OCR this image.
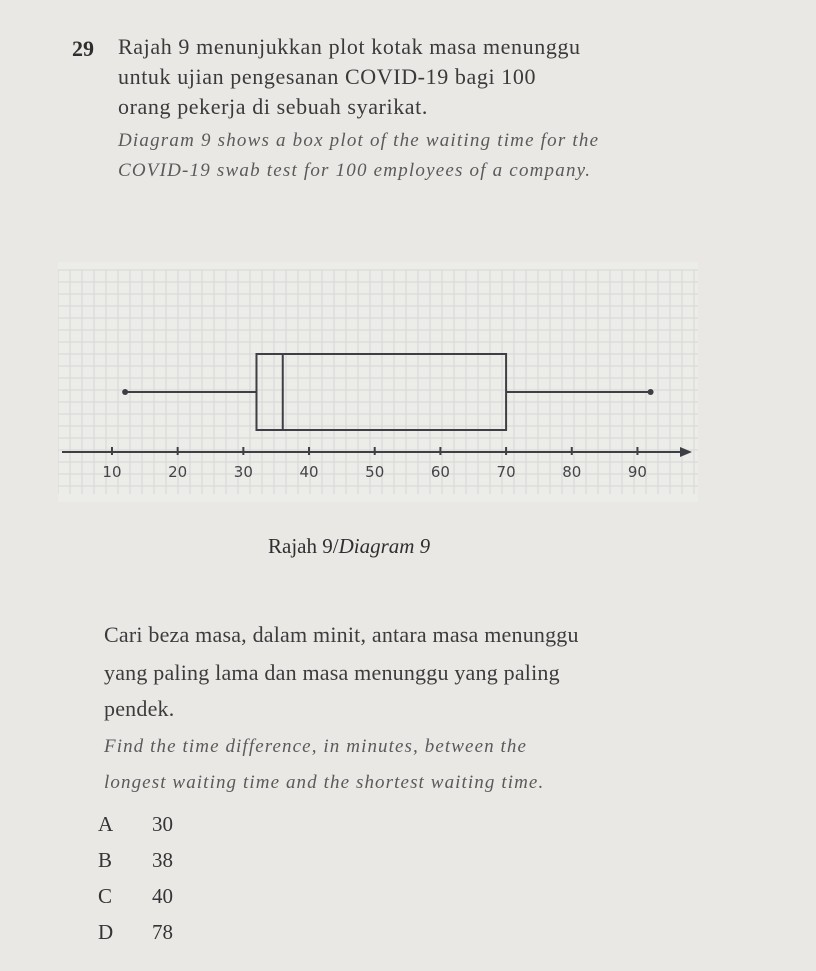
29 Rajah 9 menunjukkan plot kotak masa menunggu
untuk ujian pengesanan COVID-19 bagi 100
orang pekerja di sebuah syarikat.
Diagram 9 shows a box plot of the waiting time for the
COVID-19 swab test for 100 employees of a company.
10	20	30	40	50	60	70	80	90
Rajah 9/Diagram 9
Cari beza masa, dalam minit, antara masa menunggu
yang paling lama dan masa menunggu yang paling
pendek.
Find the time difference, in minutes, between the
longest waiting time and the shortest waiting time.
A 30
B 38
C 40
D 78
